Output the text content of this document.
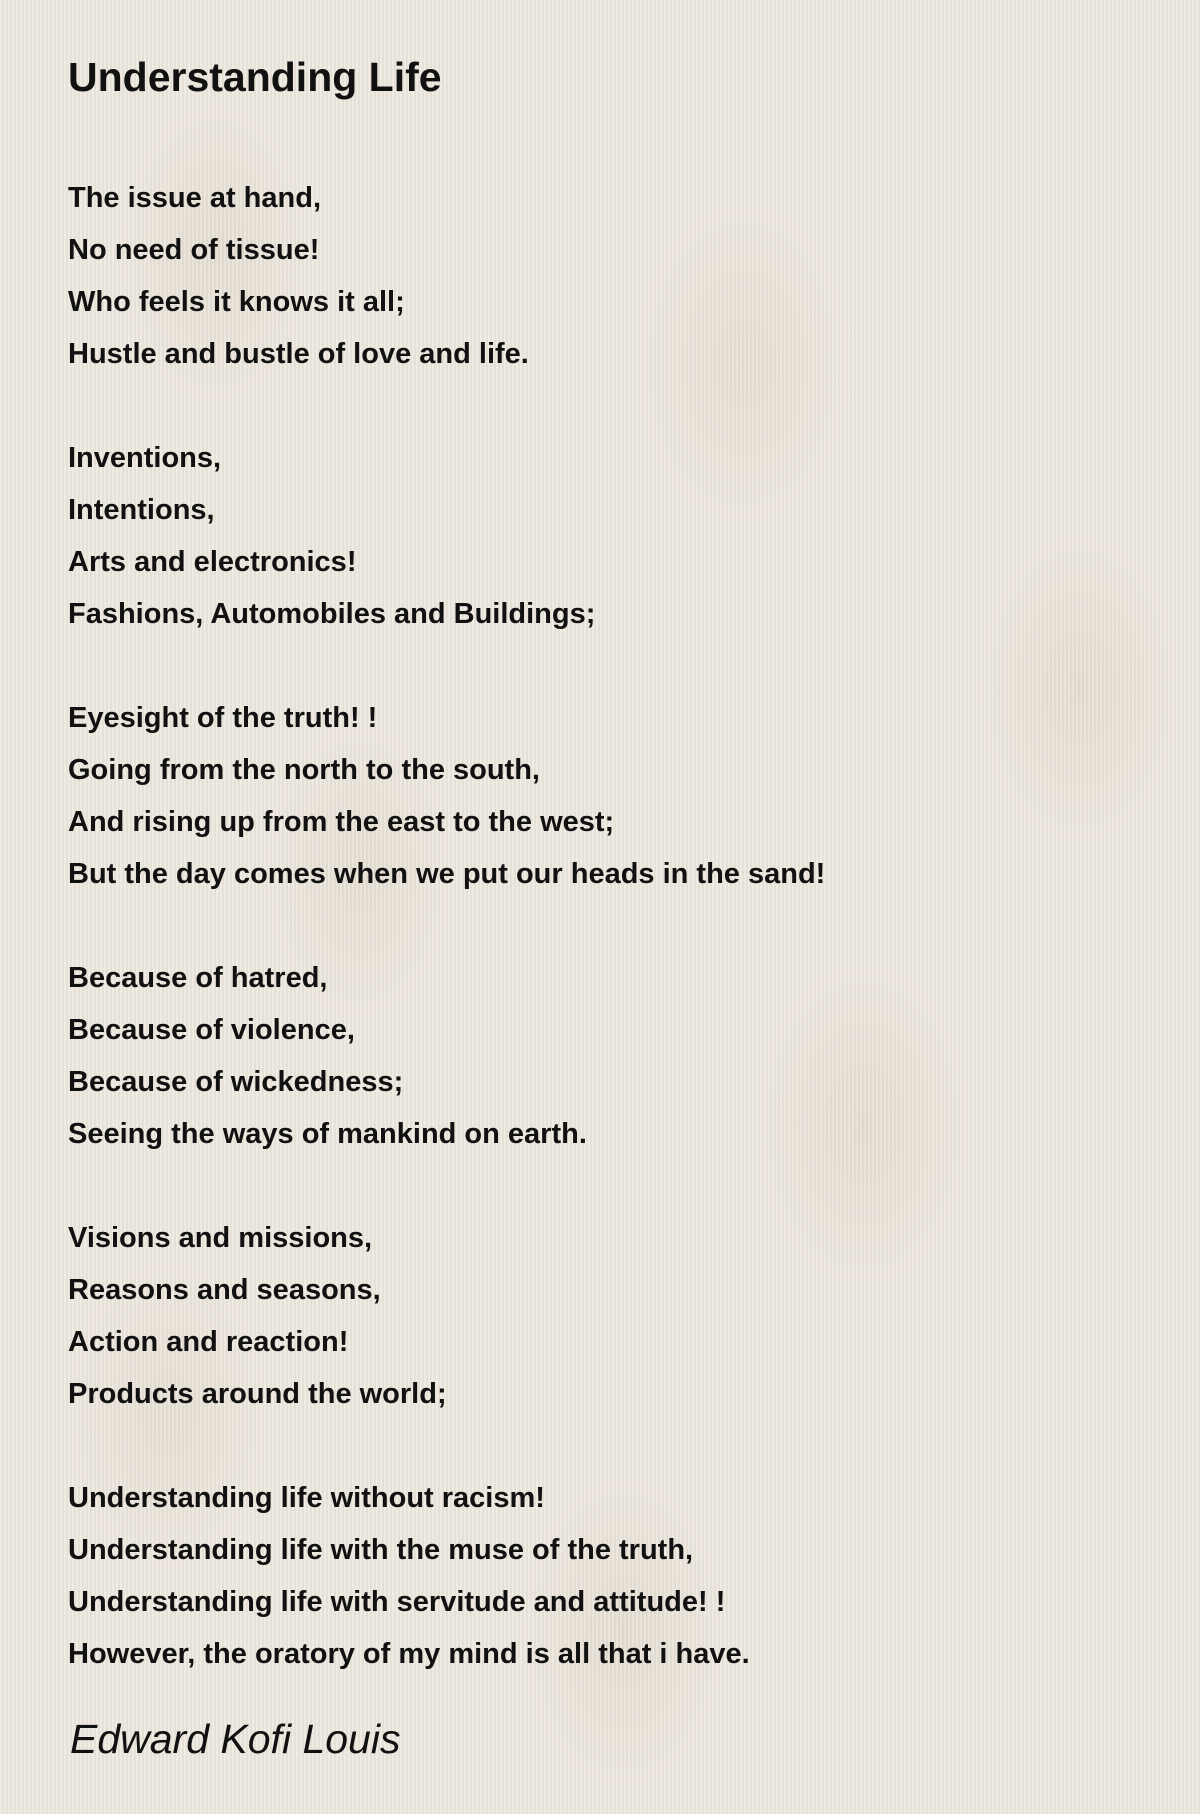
Understanding Life
The issue at hand,
No need of tissue!
Who feels it knows it all;
Hustle and bustle of love and life.
Inventions,
Intentions,
Arts and electronics!
Fashions, Automobiles and Buildings;
Eyesight of the truth! !
Going from the north to the south,
And rising up from the east to the west;
But the day comes when we put our heads in the sand!
Because of hatred,
Because of violence,
Because of wickedness;
Seeing the ways of mankind on earth.
Visions and missions,
Reasons and seasons,
Action and reaction!
Products around the world;
Understanding life without racism!
Understanding life with the muse of the truth,
Understanding life with servitude and attitude! !
However, the oratory of my mind is all that i have.
Edward Kofi Louis
